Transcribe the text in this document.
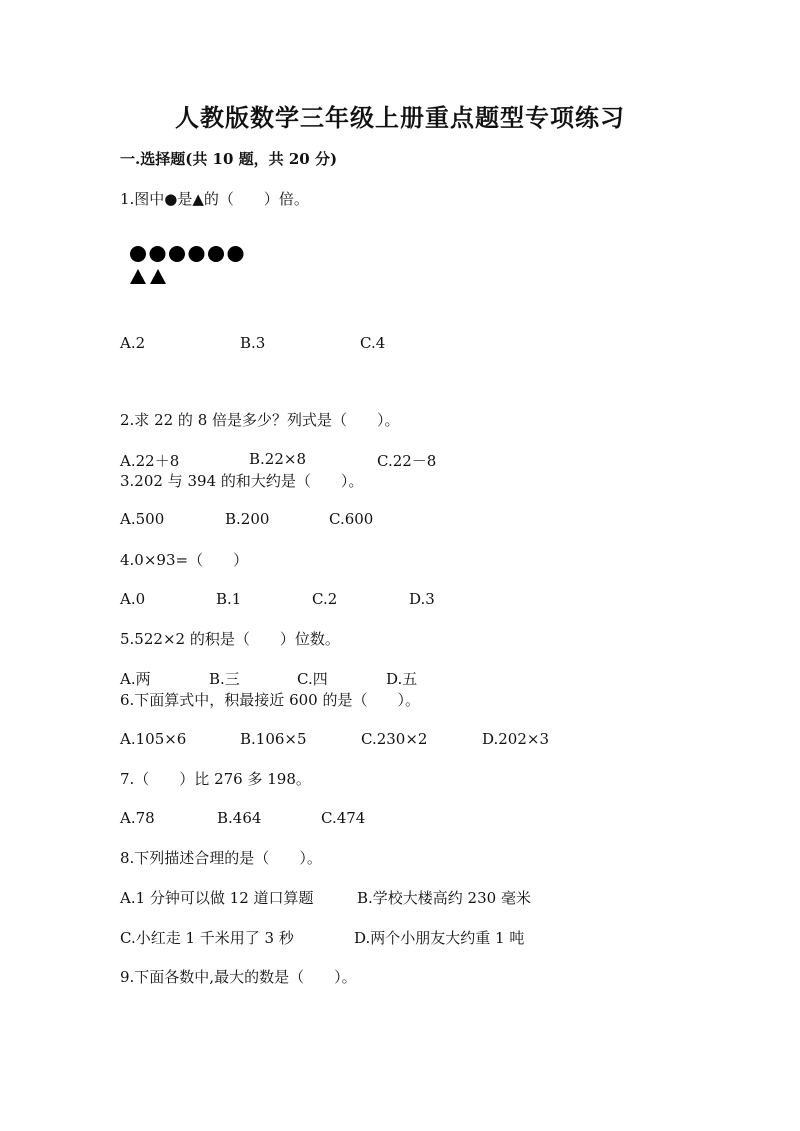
人教版数学三年级上册重点题型专项练习
一.选择题(共 10 题，共 20 分)
1.图中●是▲的（　　）倍。
A.2	B.3	C.4
2.求 22 的 8 倍是多少？列式是（　　）。
A.22＋8	B.22×8	C.22－8
3.202 与 394 的和大约是（　　）。
A.500	B.200	C.600
4.0×93=（　　）
A.0	B.1	C.2	D.3
5.522×2 的积是（　　）位数。
A.两	B.三	C.四	D.五
6.下面算式中，积最接近 600 的是（　　）。
A.105×6	B.106×5	C.230×2	D.202×3
7.（　　）比 276 多 198。
A.78	B.464	C.474
8.下列描述合理的是（　　）。
A.1 分钟可以做 12 道口算题	B.学校大楼高约 230 毫米
C.小红走 1 千米用了 3 秒	D.两个小朋友大约重 1 吨
9.下面各数中,最大的数是（　　）。
